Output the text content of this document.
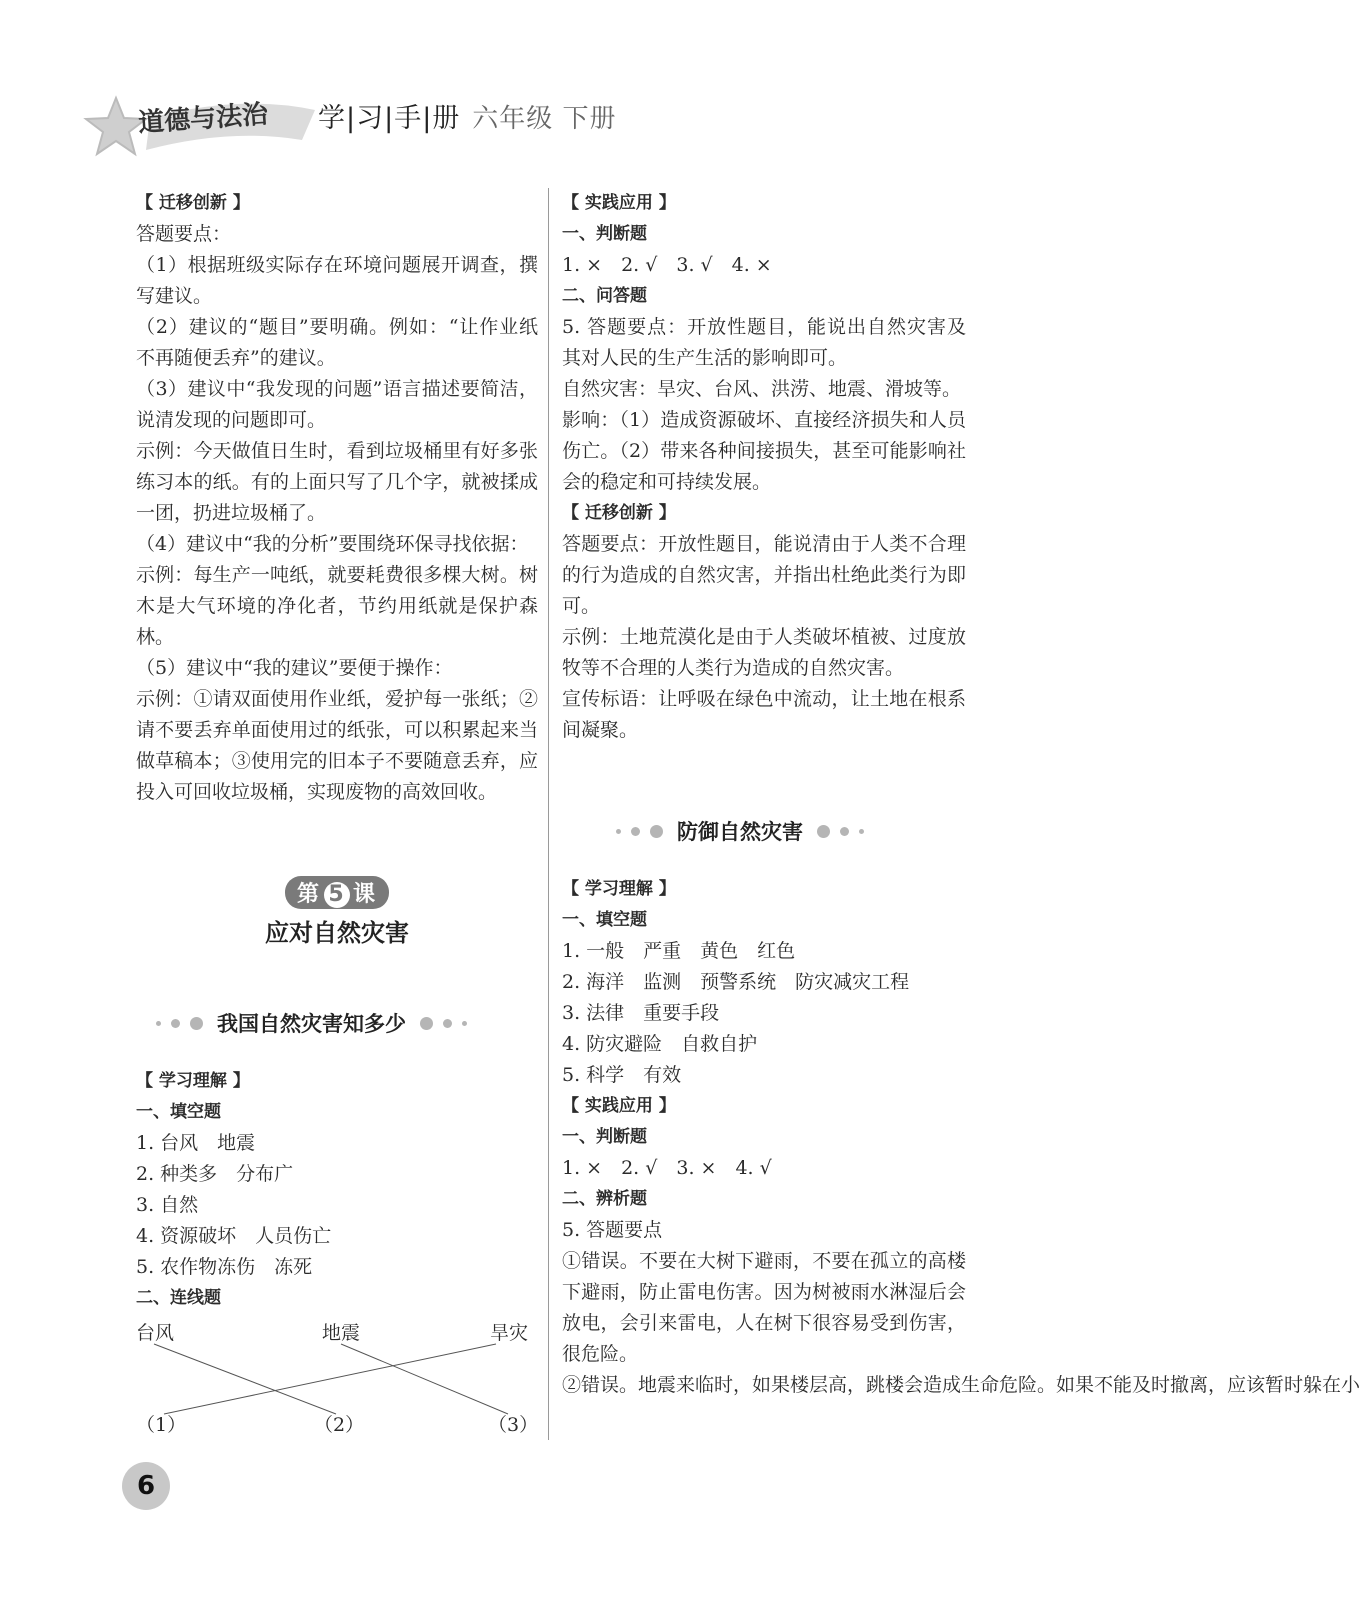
道德与法治 学|习|手|册 六年级 下册
【 迁移创新 】
答题要点：
（1）根据班级实际存在环境问题展开调查，撰写建议。
（2）建议的“题目”要明确。例如：“让作业纸不再随便丢弃”的建议。
（3）建议中“我发现的问题”语言描述要简洁，说清发现的问题即可。
示例：今天做值日生时，看到垃圾桶里有好多张练习本的纸。有的上面只写了几个字，就被揉成一团，扔进垃圾桶了。
（4）建议中“我的分析”要围绕环保寻找依据：
示例：每生产一吨纸，就要耗费很多棵大树。树木是大气环境的净化者，节约用纸就是保护森林。
（5）建议中“我的建议”要便于操作：
示例：①请双面使用作业纸，爱护每一张纸；②请不要丢弃单面使用过的纸张，可以积累起来当做草稿本；③使用完的旧本子不要随意丢弃，应投入可回收垃圾桶，实现废物的高效回收。
第 5 课
应对自然灾害
我国自然灾害知多少
【 学习理解 】
一、填空题
1. 台风　地震
2. 种类多　分布广
3. 自然
4. 资源破坏　人员伤亡
5. 农作物冻伤　冻死
二、连线题
台风	地震	旱灾
（1）	（2）	（3）
【 实践应用 】
一、判断题
1. ×　2. √　3. √　4. ×
二、问答题
5. 答题要点：开放性题目，能说出自然灾害及其对人民的生产生活的影响即可。
自然灾害：旱灾、台风、洪涝、地震、滑坡等。
影响：（1）造成资源破坏、直接经济损失和人员伤亡。（2）带来各种间接损失，甚至可能影响社会的稳定和可持续发展。
【 迁移创新 】
答题要点：开放性题目，能说清由于人类不合理的行为造成的自然灾害，并指出杜绝此类行为即可。
示例：土地荒漠化是由于人类破坏植被、过度放牧等不合理的人类行为造成的自然灾害。
宣传标语：让呼吸在绿色中流动，让土地在根系间凝聚。
防御自然灾害
【 学习理解 】
一、填空题
1. 一般　严重　黄色　红色
2. 海洋　监测　预警系统　防灾减灾工程
3. 法律　重要手段
4. 防灾避险　自救自护
5. 科学　有效
【 实践应用 】
一、判断题
1. ×　2. √　3. ×　4. √
二、辨析题
5. 答题要点
①错误。不要在大树下避雨，不要在孤立的高楼下避雨，防止雷电伤害。因为树被雨水淋湿后会放电，会引来雷电，人在树下很容易受到伤害，很危险。
②错误。地震来临时，如果楼层高，跳楼会造成生命危险。如果不能及时撤离，应该暂时躲在小
6
